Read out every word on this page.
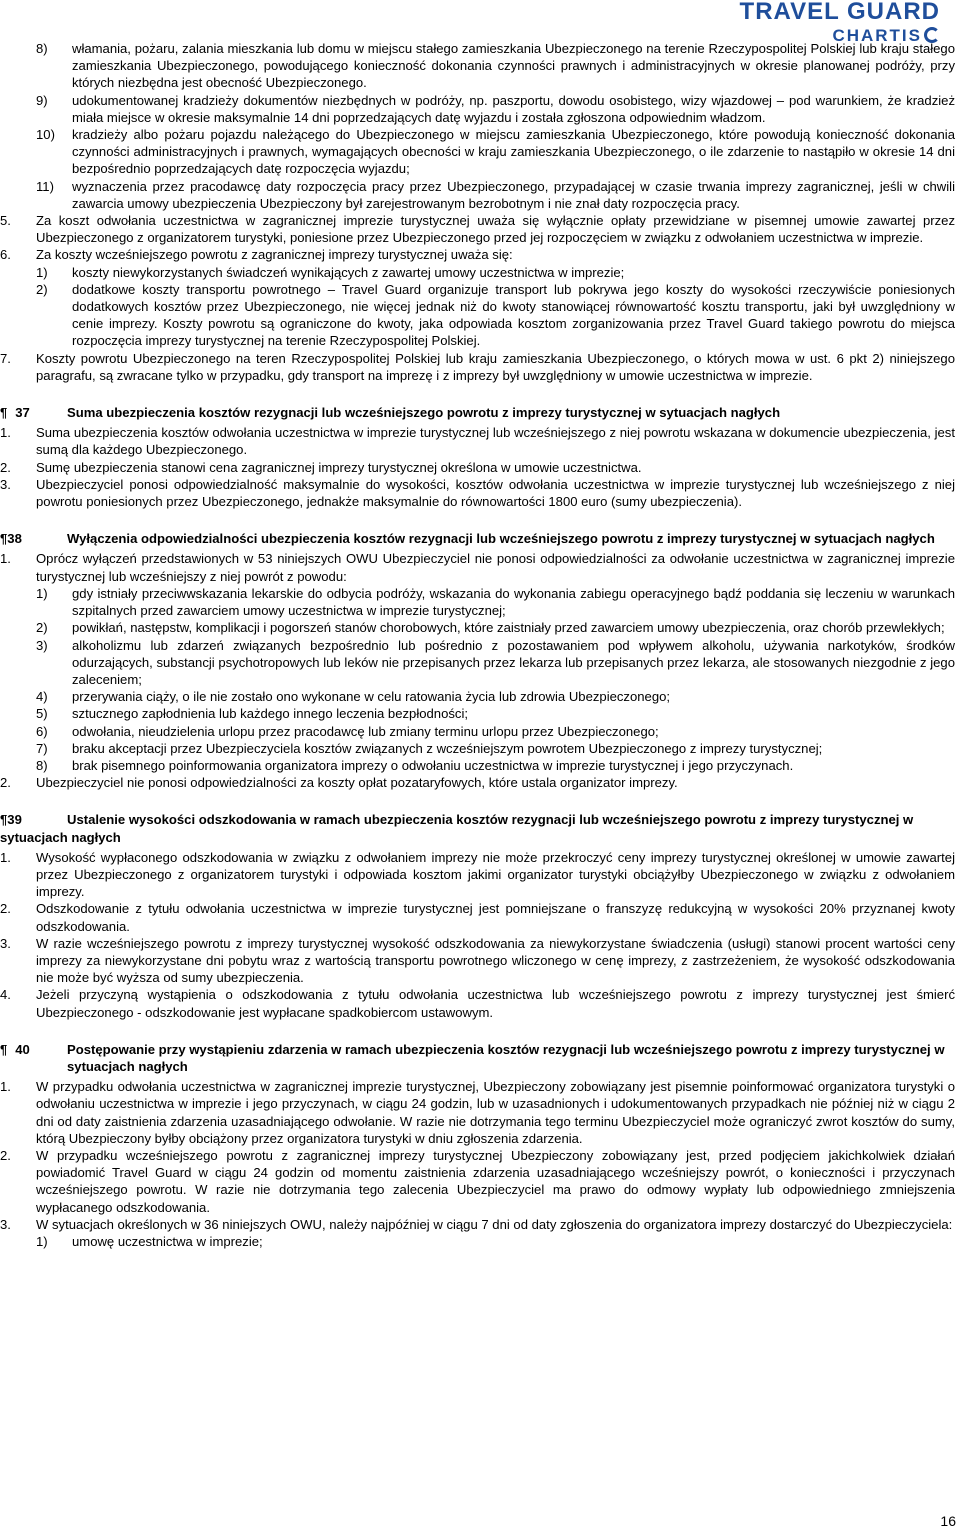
TRAVEL GUARD
CHARTIS
8)	włamania, pożaru, zalania mieszkania lub domu w miejscu stałego zamieszkania Ubezpieczonego na terenie Rzeczypospolitej Polskiej lub kraju stałego zamieszkania Ubezpieczonego, powodującego konieczność dokonania czynności prawnych i administracyjnych w okresie planowanej podróży, przy których niezbędna jest obecność Ubezpieczonego.
9)	udokumentowanej kradzieży dokumentów niezbędnych w podróży, np. paszportu, dowodu osobistego, wizy wjazdowej – pod warunkiem, że kradzież miała miejsce w okresie maksymalnie 14 dni poprzedzających datę wyjazdu i została zgłoszona odpowiednim władzom.
10)	kradzieży albo pożaru pojazdu należącego do Ubezpieczonego w miejscu zamieszkania Ubezpieczonego, które powodują konieczność dokonania czynności administracyjnych i prawnych, wymagających obecności w kraju zamieszkania Ubezpieczonego, o ile zdarzenie to nastąpiło w okresie 14 dni bezpośrednio poprzedzających datę rozpoczęcia wyjazdu;
11)	wyznaczenia przez pracodawcę daty rozpoczęcia pracy przez Ubezpieczonego, przypadającej w czasie trwania imprezy zagranicznej, jeśli w chwili zawarcia umowy ubezpieczenia Ubezpieczony był zarejestrowanym bezrobotnym i nie znał daty rozpoczęcia pracy.
5.	Za koszt odwołania uczestnictwa w zagranicznej imprezie turystycznej uważa się wyłącznie opłaty przewidziane w pisemnej umowie zawartej przez Ubezpieczonego z organizatorem turystyki, poniesione przez Ubezpieczonego przed jej rozpoczęciem w związku z odwołaniem uczestnictwa w imprezie.
6.	Za koszty wcześniejszego powrotu z zagranicznej imprezy turystycznej uważa się:
1)	koszty niewykorzystanych świadczeń wynikających z zawartej umowy uczestnictwa w imprezie;
2)	dodatkowe koszty transportu powrotnego – Travel Guard organizuje transport lub pokrywa jego koszty do wysokości rzeczywiście poniesionych dodatkowych kosztów przez Ubezpieczonego, nie więcej jednak niż do kwoty stanowiącej równowartość kosztu transportu, jaki był uwzględniony w cenie imprezy. Koszty powrotu są ograniczone do kwoty, jaka odpowiada kosztom zorganizowania przez Travel Guard takiego powrotu do miejsca rozpoczęcia imprezy turystycznej na terenie Rzeczypospolitej Polskiej.
7.	Koszty powrotu Ubezpieczonego na teren Rzeczypospolitej Polskiej lub kraju zamieszkania Ubezpieczonego, o których mowa w ust. 6 pkt 2) niniejszego paragrafu, są zwracane tylko w przypadku, gdy transport na imprezę i z imprezy był uwzględniony w umowie uczestnictwa w imprezie.
¶ 37	Suma ubezpieczenia kosztów rezygnacji lub wcześniejszego powrotu z imprezy turystycznej w sytuacjach nagłych
1.	Suma ubezpieczenia kosztów odwołania uczestnictwa w imprezie turystycznej lub wcześniejszego z niej powrotu wskazana w dokumencie ubezpieczenia, jest sumą dla każdego Ubezpieczonego.
2.	Sumę ubezpieczenia stanowi cena zagranicznej imprezy turystycznej określona w umowie uczestnictwa.
3.	Ubezpieczyciel ponosi odpowiedzialność maksymalnie do wysokości, kosztów odwołania uczestnictwa w imprezie turystycznej lub wcześniejszego z niej powrotu poniesionych przez Ubezpieczonego, jednakże maksymalnie do równowartości 1800 euro (sumy ubezpieczenia).
¶38	Wyłączenia odpowiedzialności ubezpieczenia kosztów rezygnacji lub wcześniejszego powrotu z imprezy turystycznej w sytuacjach nagłych
1.	Oprócz wyłączeń przedstawionych w 53 niniejszych OWU Ubezpieczyciel nie ponosi odpowiedzialności za odwołanie uczestnictwa w zagranicznej imprezie turystycznej lub wcześniejszy z niej powrót z powodu:
1)	gdy istniały przeciwwskazania lekarskie do odbycia podróży, wskazania do wykonania zabiegu operacyjnego bądź poddania się leczeniu w warunkach szpitalnych przed zawarciem umowy uczestnictwa w imprezie turystycznej;
2)	powikłań, następstw, komplikacji i pogorszeń stanów chorobowych, które zaistniały przed zawarciem umowy ubezpieczenia, oraz chorób przewlekłych;
3)	alkoholizmu lub zdarzeń związanych bezpośrednio lub pośrednio z pozostawaniem pod wpływem alkoholu, używania narkotyków, środków odurzających, substancji psychotropowych lub leków nie przepisanych przez lekarza lub przepisanych przez lekarza, ale stosowanych niezgodnie z jego zaleceniem;
4)	przerywania ciąży, o ile nie zostało ono wykonane w celu ratowania życia lub zdrowia Ubezpieczonego;
5)	sztucznego zapłodnienia lub każdego innego leczenia bezpłodności;
6)	odwołania, nieudzielenia urlopu przez pracodawcę lub zmiany terminu urlopu przez Ubezpieczonego;
7)	braku akceptacji przez Ubezpieczyciela kosztów związanych z wcześniejszym powrotem Ubezpieczonego z imprezy turystycznej;
8)	brak pisemnego poinformowania organizatora imprezy o odwołaniu uczestnictwa w imprezie turystycznej i jego przyczynach.
2.	Ubezpieczyciel nie ponosi odpowiedzialności za koszty opłat pozataryfowych, które ustala organizator imprezy.
¶39	Ustalenie wysokości odszkodowania w ramach ubezpieczenia kosztów rezygnacji lub wcześniejszego powrotu z imprezy turystycznej w sytuacjach nagłych
1.	Wysokość wypłaconego odszkodowania w związku z odwołaniem imprezy nie może przekroczyć ceny imprezy turystycznej określonej w umowie zawartej przez Ubezpieczonego z organizatorem turystyki i odpowiada kosztom jakimi organizator turystyki obciążyłby Ubezpieczonego w związku z odwołaniem imprezy.
2.	Odszkodowanie z tytułu odwołania uczestnictwa w imprezie turystycznej jest pomniejszane o franszyzę redukcyjną w wysokości 20% przyznanej kwoty odszkodowania.
3.	W razie wcześniejszego powrotu z imprezy turystycznej wysokość odszkodowania za niewykorzystane świadczenia (usługi) stanowi procent wartości ceny imprezy za niewykorzystane dni pobytu wraz z wartością transportu powrotnego wliczonego w cenę imprezy, z zastrzeżeniem, że wysokość odszkodowania nie może być wyższa od sumy ubezpieczenia.
4.	Jeżeli przyczyną wystąpienia o odszkodowania z tytułu odwołania uczestnictwa lub wcześniejszego powrotu z imprezy turystycznej jest śmierć Ubezpieczonego - odszkodowanie jest wypłacane spadkobiercom ustawowym.
¶ 40	Postępowanie przy wystąpieniu zdarzenia w ramach ubezpieczenia kosztów rezygnacji lub wcześniejszego powrotu z imprezy turystycznej w sytuacjach nagłych
1.	W przypadku odwołania uczestnictwa w zagranicznej imprezie turystycznej, Ubezpieczony zobowiązany jest pisemnie poinformować organizatora turystyki o odwołaniu uczestnictwa w imprezie i jego przyczynach, w ciągu 24 godzin, lub w uzasadnionych i udokumentowanych przypadkach nie później niż w ciągu 2 dni od daty zaistnienia zdarzenia uzasadniającego odwołanie. W razie nie dotrzymania tego terminu Ubezpieczyciel może ograniczyć zwrot kosztów do sumy, którą Ubezpieczony byłby obciążony przez organizatora turystyki w dniu zgłoszenia zdarzenia.
2.	W przypadku wcześniejszego powrotu z zagranicznej imprezy turystycznej Ubezpieczony zobowiązany jest, przed podjęciem jakichkolwiek działań powiadomić Travel Guard w ciągu 24 godzin od momentu zaistnienia zdarzenia uzasadniającego wcześniejszy powrót, o konieczności i przyczynach wcześniejszego powrotu. W razie nie dotrzymania tego zalecenia Ubezpieczyciel ma prawo do odmowy wypłaty lub odpowiedniego zmniejszenia wypłacanego odszkodowania.
3.	W sytuacjach określonych w 36 niniejszych OWU, należy najpóźniej w ciągu 7 dni od daty zgłoszenia do organizatora imprezy dostarczyć do Ubezpieczyciela:
1)	umowę uczestnictwa w imprezie;
16
